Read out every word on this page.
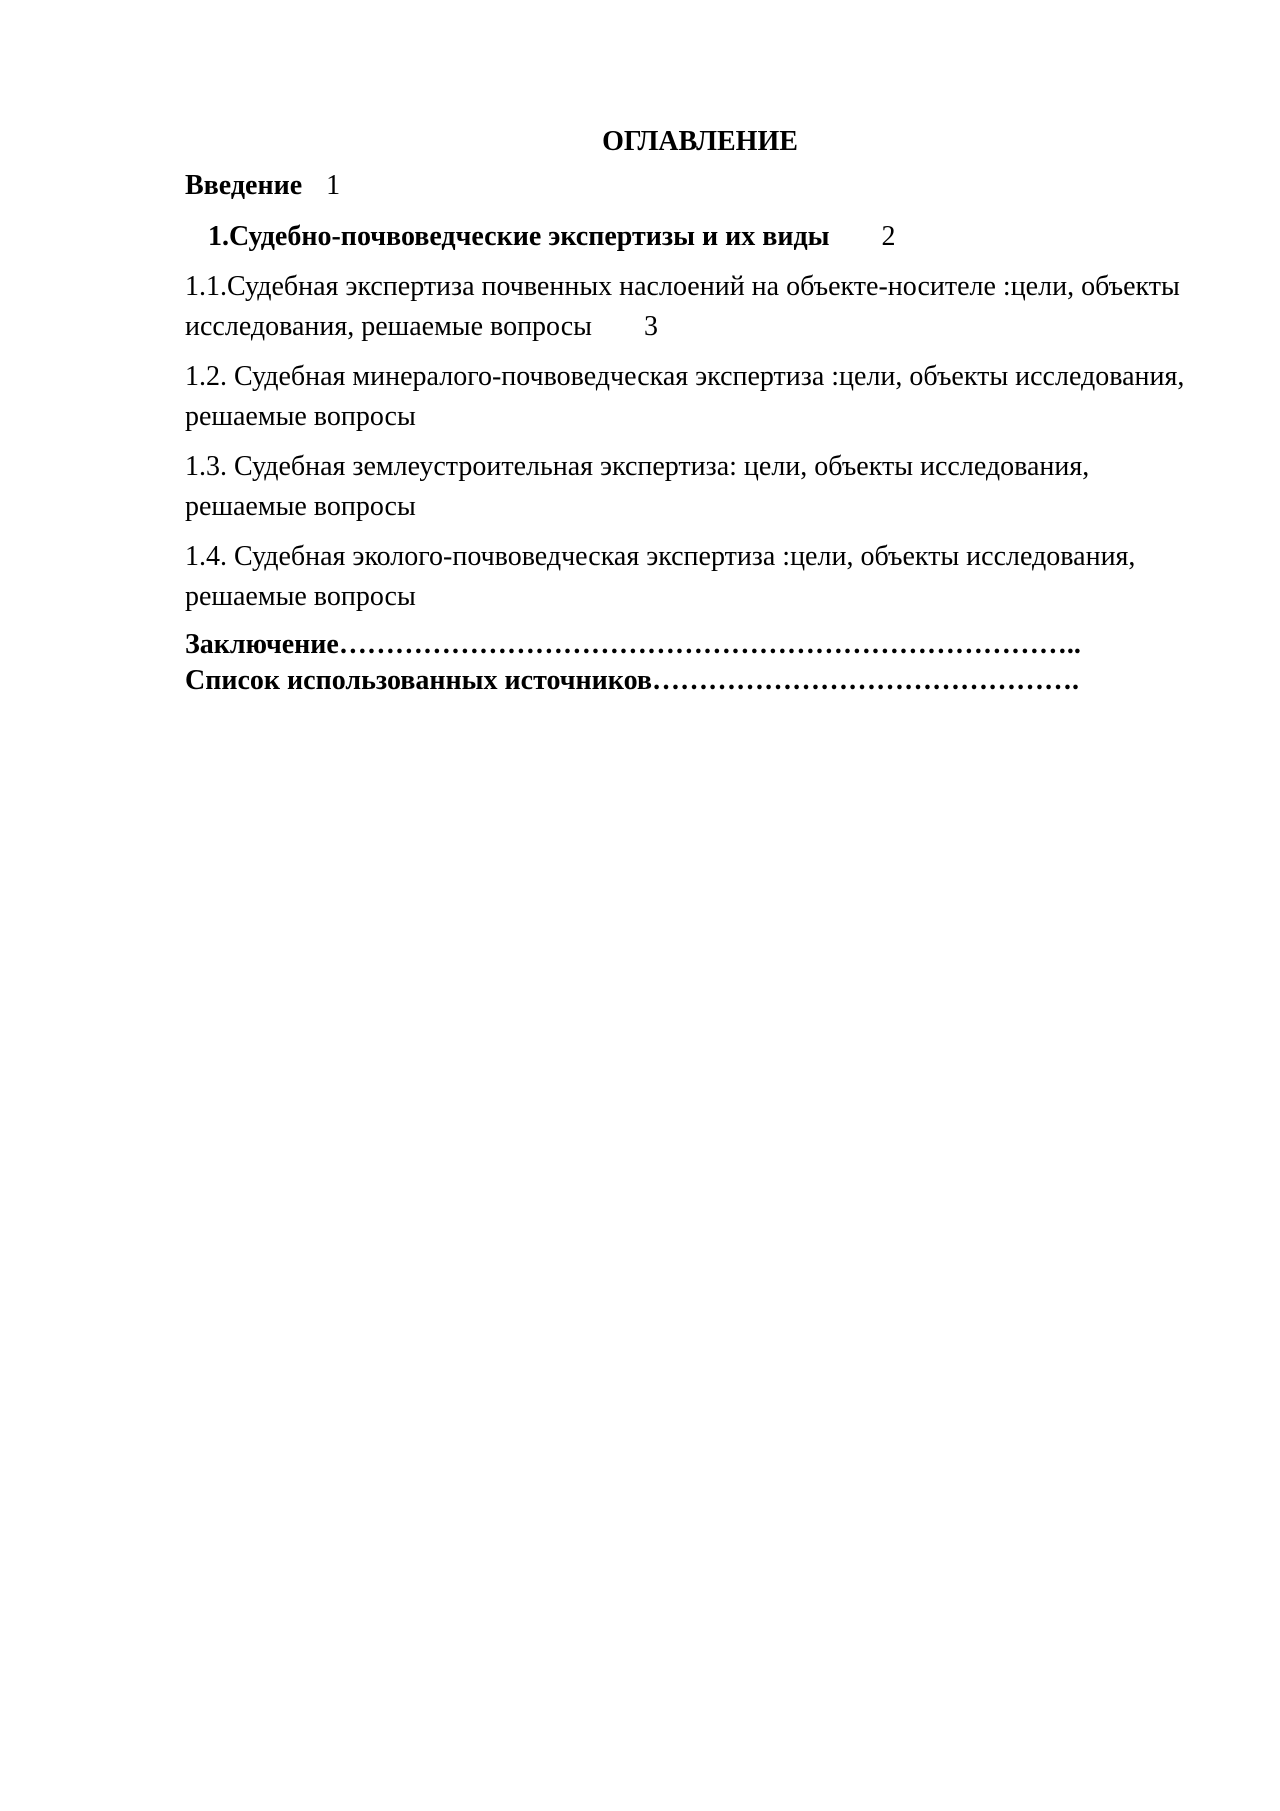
ОГЛАВЛЕНИЕ
Введение 1
1.Судебно-почвоведческие экспертизы и их виды 2
1.1.Судебная экспертиза почвенных наслоений на объекте-носителе :цели, объекты исследования, решаемые вопросы 3
1.2. Судебная минералого-почвоведческая экспертиза :цели, объекты исследования, решаемые вопросы
1.3. Судебная землеустроительная экспертиза: цели, объекты исследования, решаемые вопросы
1.4. Судебная эколого-почвоведческая экспертиза :цели, объекты исследования, решаемые вопросы
Заключение……………………………………………………………………..
Список использованных источников……………………………………….
